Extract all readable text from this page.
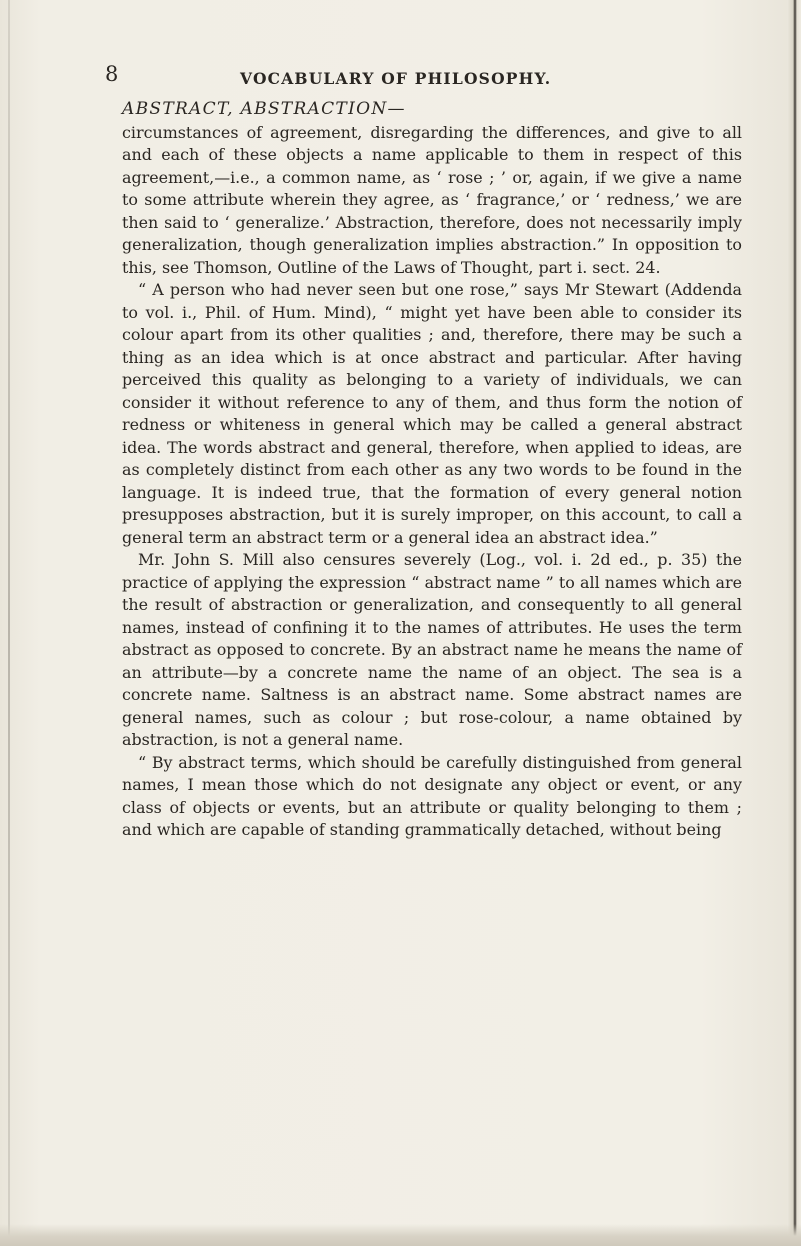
8	VOCABULARY OF PHILOSOPHY.
ABSTRACT, ABSTRACTION—

circumstances of agreement, disregarding the differences, and give to all and each of these objects a name applicable to them in respect of this agreement,—i.e., a common name, as ‘ rose ; ’ or, again, if we give a name to some attribute wherein they agree, as ‘ fragrance,’ or ‘ redness,’ we are then said to ‘ generalize.’ Abstraction, therefore, does not necessarily imply generalization, though generalization implies abstraction.” In opposition to this, see Thomson, Outline of the Laws of Thought, part i. sect. 24.

“ A person who had never seen but one rose,” says Mr Stewart (Addenda to vol. i., Phil. of Hum. Mind), “ might yet have been able to consider its colour apart from its other qualities ; and, therefore, there may be such a thing as an idea which is at once abstract and particular. After having perceived this quality as belonging to a variety of individuals, we can consider it without reference to any of them, and thus form the notion of redness or whiteness in general which may be called a general abstract idea. The words abstract and general, therefore, when applied to ideas, are as completely distinct from each other as any two words to be found in the language. It is indeed true, that the formation of every general notion presupposes abstraction, but it is surely improper, on this account, to call a general term an abstract term or a general idea an abstract idea.”

Mr. John S. Mill also censures severely (Log., vol. i. 2d ed., p. 35) the practice of applying the expression “ abstract name ” to all names which are the result of abstraction or generalization, and consequently to all general names, instead of confining it to the names of attributes. He uses the term abstract as opposed to concrete. By an abstract name he means the name of an attribute—by a concrete name the name of an object. The sea is a concrete name. Saltness is an abstract name. Some abstract names are general names, such as colour ; but rose-colour, a name obtained by abstraction, is not a general name.

“ By abstract terms, which should be carefully distinguished from general names, I mean those which do not designate any object or event, or any class of objects or events, but an attribute or quality belonging to them ; and which are capable of standing grammatically detached, without being
